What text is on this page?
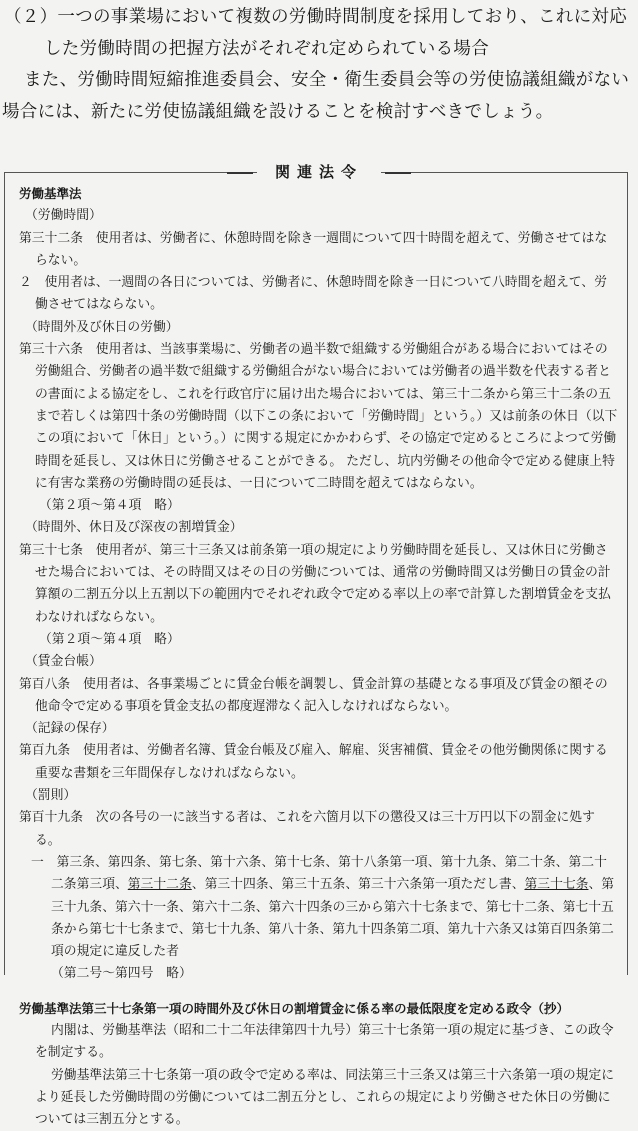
（２）一つの事業場において複数の労働時間制度を採用しており、これに対応
した労働時間の把握方法がそれぞれ定められている場合
また、労働時間短縮推進委員会、安全・衛生委員会等の労使協議組織がない
場合には、新たに労使協議組織を設けることを検討すべきでしょう。
関連法令
労働基準法
（労働時間）
第三十二条　使用者は、労働者に、休憩時間を除き一週間について四十時間を超えて、労働させてはならない。
２　使用者は、一週間の各日については、労働者に、休憩時間を除き一日について八時間を超えて、労働させてはならない。
（時間外及び休日の労働）
第三十六条　使用者は、当該事業場に、労働者の過半数で組織する労働組合がある場合においてはその労働組合、労働者の過半数で組織する労働組合がない場合においては労働者の過半数を代表する者との書面による協定をし、これを行政官庁に届け出た場合においては、第三十二条から第三十二条の五まで若しくは第四十条の労働時間（以下この条において「労働時間」という。）又は前条の休日（以下この項において「休日」という。）に関する規定にかかわらず、その協定で定めるところによつて労働時間を延長し、又は休日に労働させることができる。 ただし、坑内労働その他命令で定める健康上特に有害な業務の労働時間の延長は、一日について二時間を超えてはならない。
（第２項～第４項　略）
（時間外、休日及び深夜の割増賃金）
第三十七条　使用者が、第三十三条又は前条第一項の規定により労働時間を延長し、又は休日に労働させた場合においては、その時間又はその日の労働については、通常の労働時間又は労働日の賃金の計算額の二割五分以上五割以下の範囲内でそれぞれ政令で定める率以上の率で計算した割増賃金を支払わなければならない。
（第２項～第４項　略）
（賃金台帳）
第百八条　使用者は、各事業場ごとに賃金台帳を調製し、賃金計算の基礎となる事項及び賃金の額その他命令で定める事項を賃金支払の都度遅滞なく記入しなければならない。
（記録の保存）
第百九条　使用者は、労働者名簿、賃金台帳及び雇入、解雇、災害補償、賃金その他労働関係に関する重要な書類を三年間保存しなければならない。
（罰則）
第百十九条　次の各号の一に該当する者は、これを六箇月以下の懲役又は三十万円以下の罰金に処する。
一　第三条、第四条、第七条、第十六条、第十七条、第十八条第一項、第十九条、第二十条、第二十二条第三項、第三十二条、第三十四条、第三十五条、第三十六条第一項ただし書、第三十七条、第三十九条、第六十一条、第六十二条、第六十四条の三から第六十七条まで、第七十二条、第七十五条から第七十七条まで、第七十九条、第八十条、第九十四条第二項、第九十六条又は第百四条第二項の規定に違反した者
（第二号～第四号　略）
労働基準法第三十七条第一項の時間外及び休日の割増賃金に係る率の最低限度を定める政令（抄）
内閣は、労働基準法（昭和二十二年法律第四十九号）第三十七条第一項の規定に基づき、この政令を制定する。
労働基準法第三十七条第一項の政令で定める率は、同法第三十三条又は第三十六条第一項の規定により延長した労働時間の労働については二割五分とし、これらの規定により労働させた休日の労働については三割五分とする。
